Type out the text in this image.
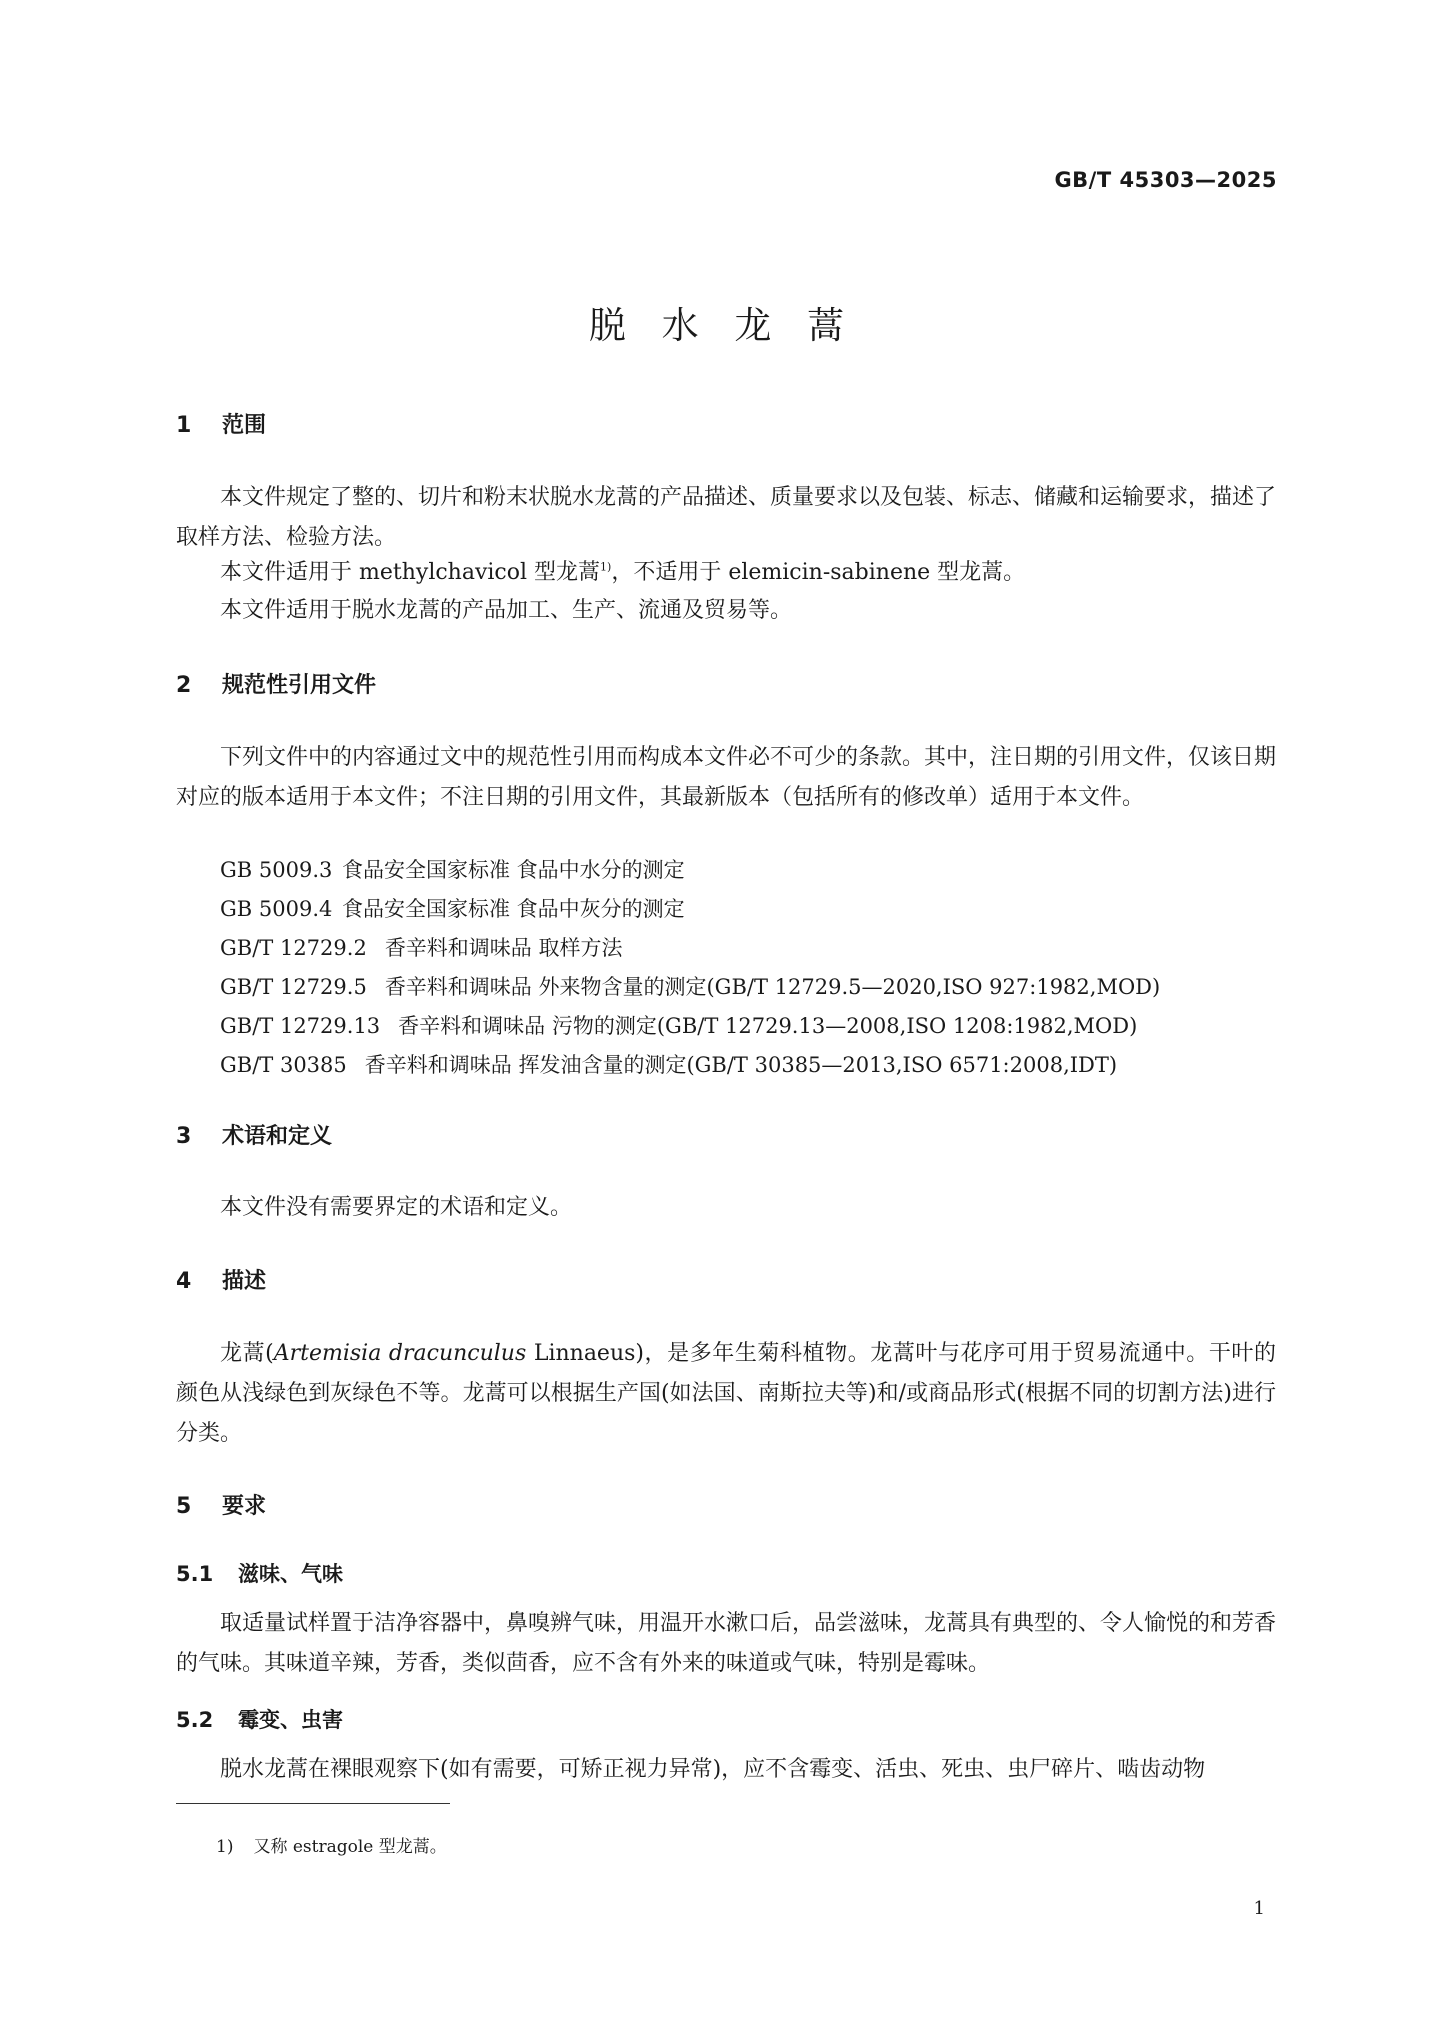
GB/T 45303—2025
脱 水 龙 蒿
1 范围
本文件规定了整的、切片和粉末状脱水龙蒿的产品描述、质量要求以及包装、标志、储藏和运输要求，描述了取样方法、检验方法。
本文件适用于 methylchavicol 型龙蒿$^{1)}$，不适用于 elemicin-sabinene 型龙蒿。
本文件适用于脱水龙蒿的产品加工、生产、流通及贸易等。
2 规范性引用文件
下列文件中的内容通过文中的规范性引用而构成本文件必不可少的条款。其中，注日期的引用文件，仅该日期对应的版本适用于本文件；不注日期的引用文件，其最新版本（包括所有的修改单）适用于本文件。
GB 5009.3 食品安全国家标准 食品中水分的测定
GB 5009.4 食品安全国家标准 食品中灰分的测定
GB/T 12729.2 香辛料和调味品 取样方法
GB/T 12729.5 香辛料和调味品 外来物含量的测定(GB/T 12729.5—2020,ISO 927:1982,MOD)
GB/T 12729.13 香辛料和调味品 污物的测定(GB/T 12729.13—2008,ISO 1208:1982,MOD)
GB/T 30385 香辛料和调味品 挥发油含量的测定(GB/T 30385—2013,ISO 6571:2008,IDT)
3 术语和定义
本文件没有需要界定的术语和定义。
4 描述
龙蒿(Artemisia dracunculus Linnaeus)，是多年生菊科植物。龙蒿叶与花序可用于贸易流通中。干叶的颜色从浅绿色到灰绿色不等。龙蒿可以根据生产国(如法国、南斯拉夫等)和/或商品形式(根据不同的切割方法)进行分类。
5 要求
5.1 滋味、气味
取适量试样置于洁净容器中，鼻嗅辨气味，用温开水漱口后，品尝滋味，龙蒿具有典型的、令人愉悦的和芳香的气味。其味道辛辣，芳香，类似茴香，应不含有外来的味道或气味，特别是霉味。
5.2 霉变、虫害
脱水龙蒿在裸眼观察下(如有需要，可矫正视力异常)，应不含霉变、活虫、死虫、虫尸碎片、啮齿动物
1) 又称 estragole 型龙蒿。
1
